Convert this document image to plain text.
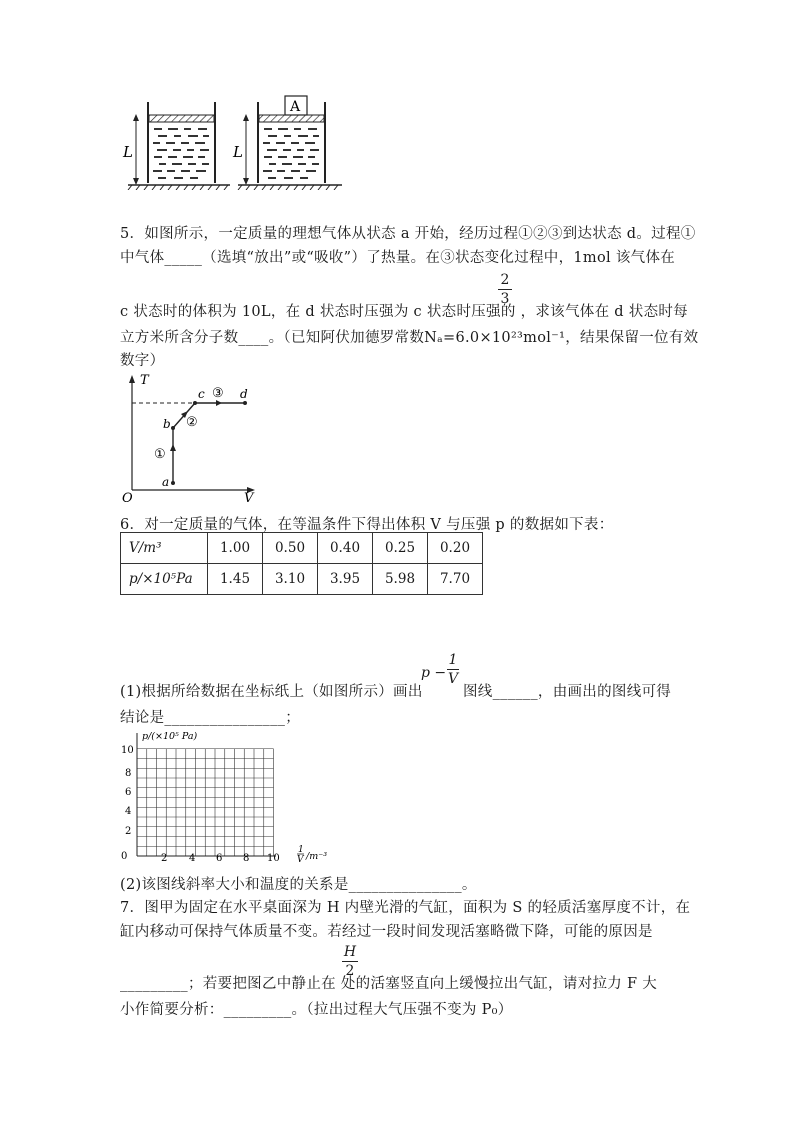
L
A
L
5．如图所示，一定质量的理想气体从状态 a 开始，经历过程①②③到达状态 d。过程①
中气体_____（选填“放出”或“吸收”）了热量。在③状态变化过程中，1mol 该气体在
2
3
c 状态时的体积为 10L，在 d 状态时压强为 c 状态时压强的 ，求该气体在 d 状态时每
立方米所含分子数____。（已知阿伏加德罗常数Nₐ=6.0×10²³mol⁻¹，结果保留一位有效
数字）
T
V
O
a
b
c	d
①
②
③
6．对一定质量的气体，在等温条件下得出体积 V 与压强 p 的数据如下表：
V/m³	1.00	0.50	0.40	0.25	0.20
p/×10⁵Pa	1.45	3.10	3.95	5.98	7.70
(1)根据所给数据在坐标纸上（如图所示）画出
p −
1
V
图线______，由画出的图线可得
结论是________________；
p/(×10⁵ Pa)
0
2
4
6
8
10
2 4 6 8 10
1
V /m⁻³
(2)该图线斜率大小和温度的关系是_______________。
7．图甲为固定在水平桌面深为 H 内壁光滑的气缸，面积为 S 的轻质活塞厚度不计，在
缸内移动可保持气体质量不变。若经过一段时间发现活塞略微下降，可能的原因是
H
2
_________；若要把图乙中静止在 处的活塞竖直向上缓慢拉出气缸，请对拉力 F 大
小作简要分析：_________。（拉出过程大气压强不变为 P₀）
